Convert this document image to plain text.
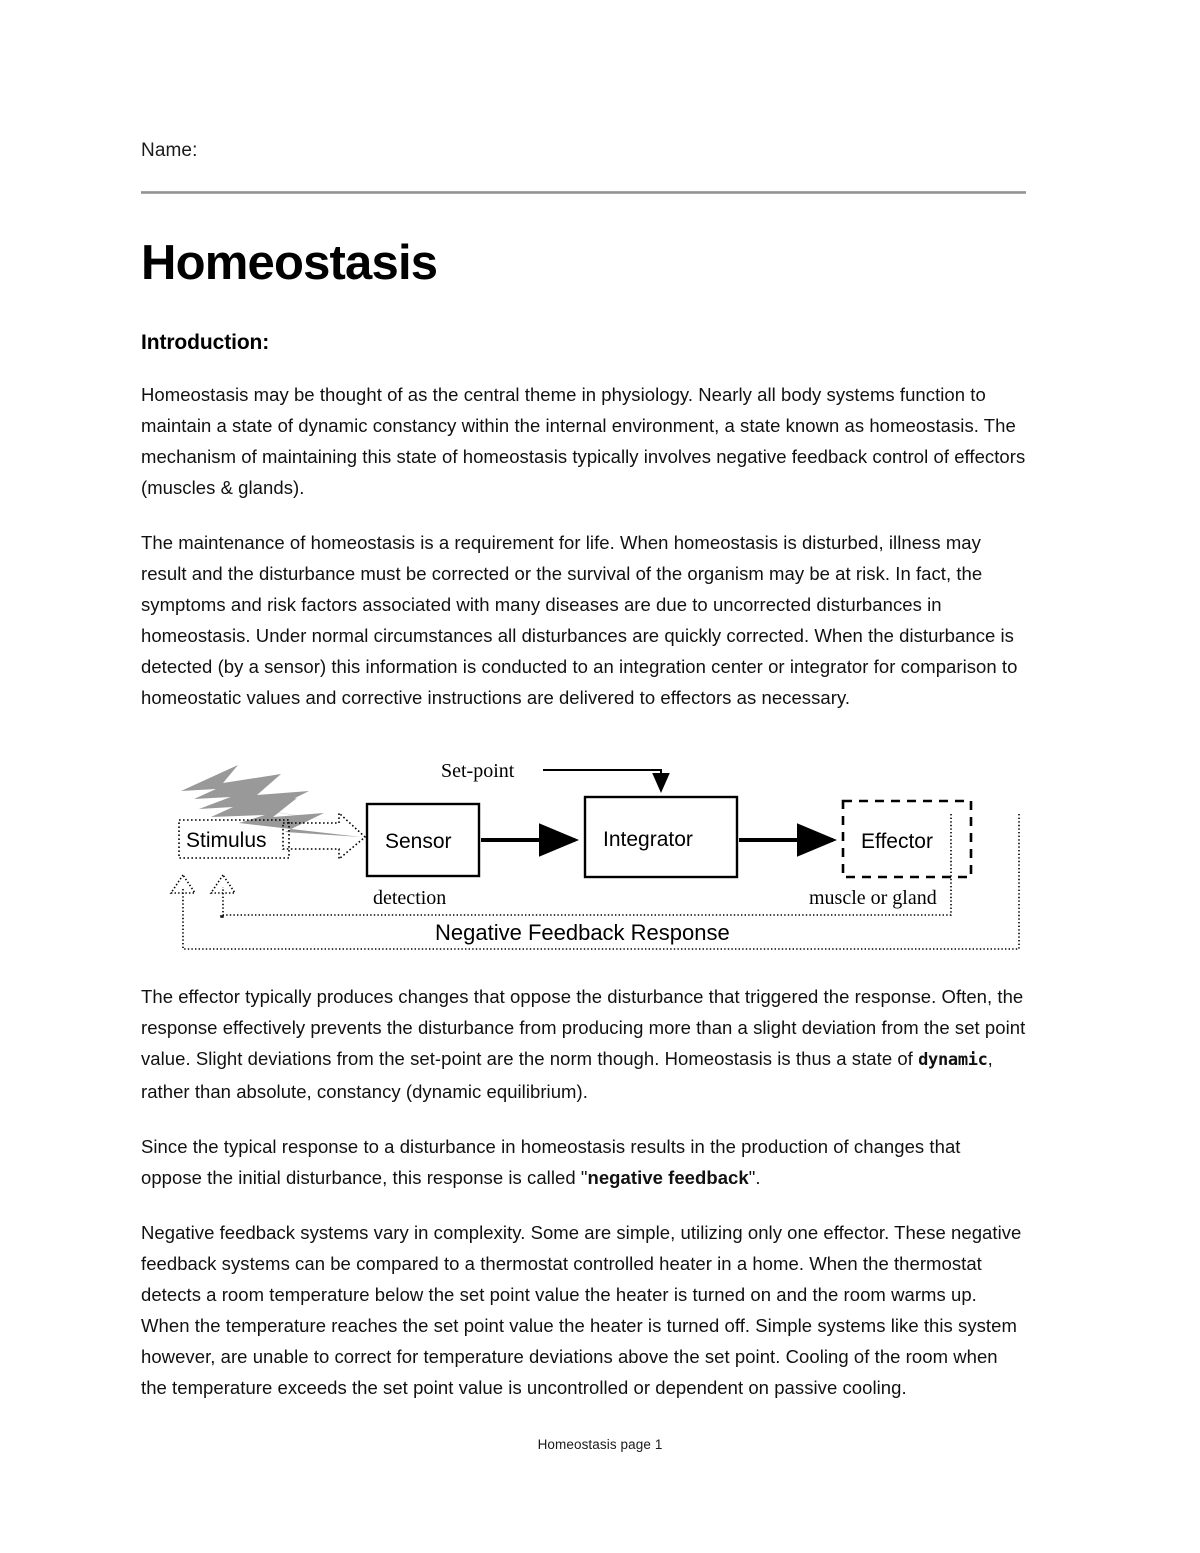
Name:
Homeostasis
Introduction:

Homeostasis may be thought of as the central theme in physiology. Nearly all body systems function to maintain a state of dynamic constancy within the internal environment, a state known as homeostasis. The mechanism of maintaining this state of homeostasis typically involves negative feedback control of effectors (muscles & glands).

The maintenance of homeostasis is a requirement for life. When homeostasis is disturbed, illness may result and the disturbance must be corrected or the survival of the organism may be at risk. In fact, the symptoms and risk factors associated with many diseases are due to uncorrected disturbances in homeostasis. Under normal circumstances all disturbances are quickly corrected. When the disturbance is detected (by a sensor) this information is conducted to an integration center or integrator for comparison to homeostatic values and corrective instructions are delivered to effectors as necessary.

Stimulus	Sensor	Integrator
Set-point
Effector
detection	muscle or gland
Negative Feedback Response

The effector typically produces changes that oppose the disturbance that triggered the response. Often, the response effectively prevents the disturbance from producing more than a slight deviation from the set point value. Slight deviations from the set-point are the norm though. Homeostasis is thus a state of dynamic, rather than absolute, constancy (dynamic equilibrium).

Since the typical response to a disturbance in homeostasis results in the production of changes that oppose the initial disturbance, this response is called "negative feedback".

Negative feedback systems vary in complexity. Some are simple, utilizing only one effector. These negative feedback systems can be compared to a thermostat controlled heater in a home. When the thermostat detects a room temperature below the set point value the heater is turned on and the room warms up. When the temperature reaches the set point value the heater is turned off. Simple systems like this system however, are unable to correct for temperature deviations above the set point. Cooling of the room when the temperature exceeds the set point value is uncontrolled or dependent on passive cooling.

Homeostasis page 1
